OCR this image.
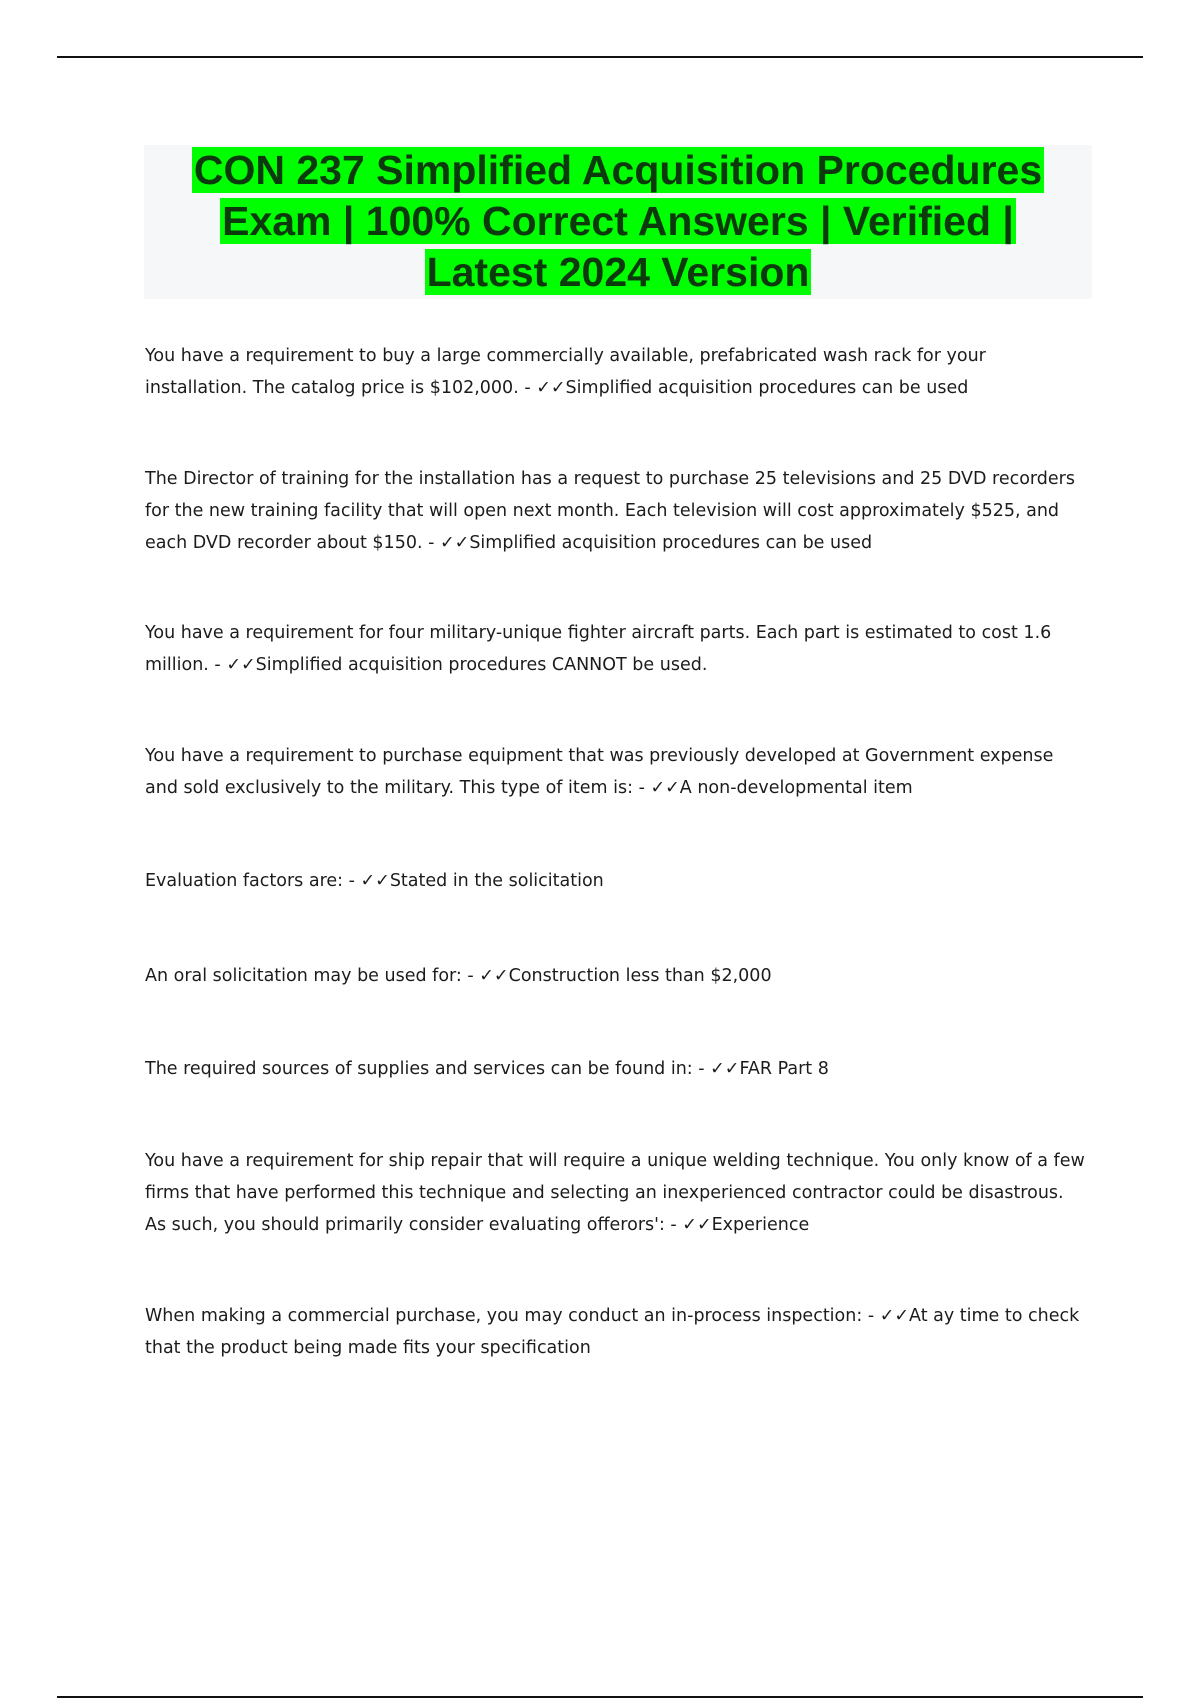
CON 237 Simplified Acquisition Procedures
Exam | 100% Correct Answers | Verified |
Latest 2024 Version

You have a requirement to buy a large commercially available, prefabricated wash rack for your installation. The catalog price is $102,000. - ✓✓Simplified acquisition procedures can be used

The Director of training for the installation has a request to purchase 25 televisions and 25 DVD recorders for the new training facility that will open next month. Each television will cost approximately $525, and each DVD recorder about $150. - ✓✓Simplified acquisition procedures can be used

You have a requirement for four military-unique fighter aircraft parts. Each part is estimated to cost 1.6 million. - ✓✓Simplified acquisition procedures CANNOT be used.

You have a requirement to purchase equipment that was previously developed at Government expense and sold exclusively to the military. This type of item is: - ✓✓A non-developmental item

Evaluation factors are: - ✓✓Stated in the solicitation

An oral solicitation may be used for: - ✓✓Construction less than $2,000

The required sources of supplies and services can be found in: - ✓✓FAR Part 8

You have a requirement for ship repair that will require a unique welding technique. You only know of a few firms that have performed this technique and selecting an inexperienced contractor could be disastrous. As such, you should primarily consider evaluating offerors': - ✓✓Experience

When making a commercial purchase, you may conduct an in-process inspection: - ✓✓At ay time to check that the product being made fits your specification
